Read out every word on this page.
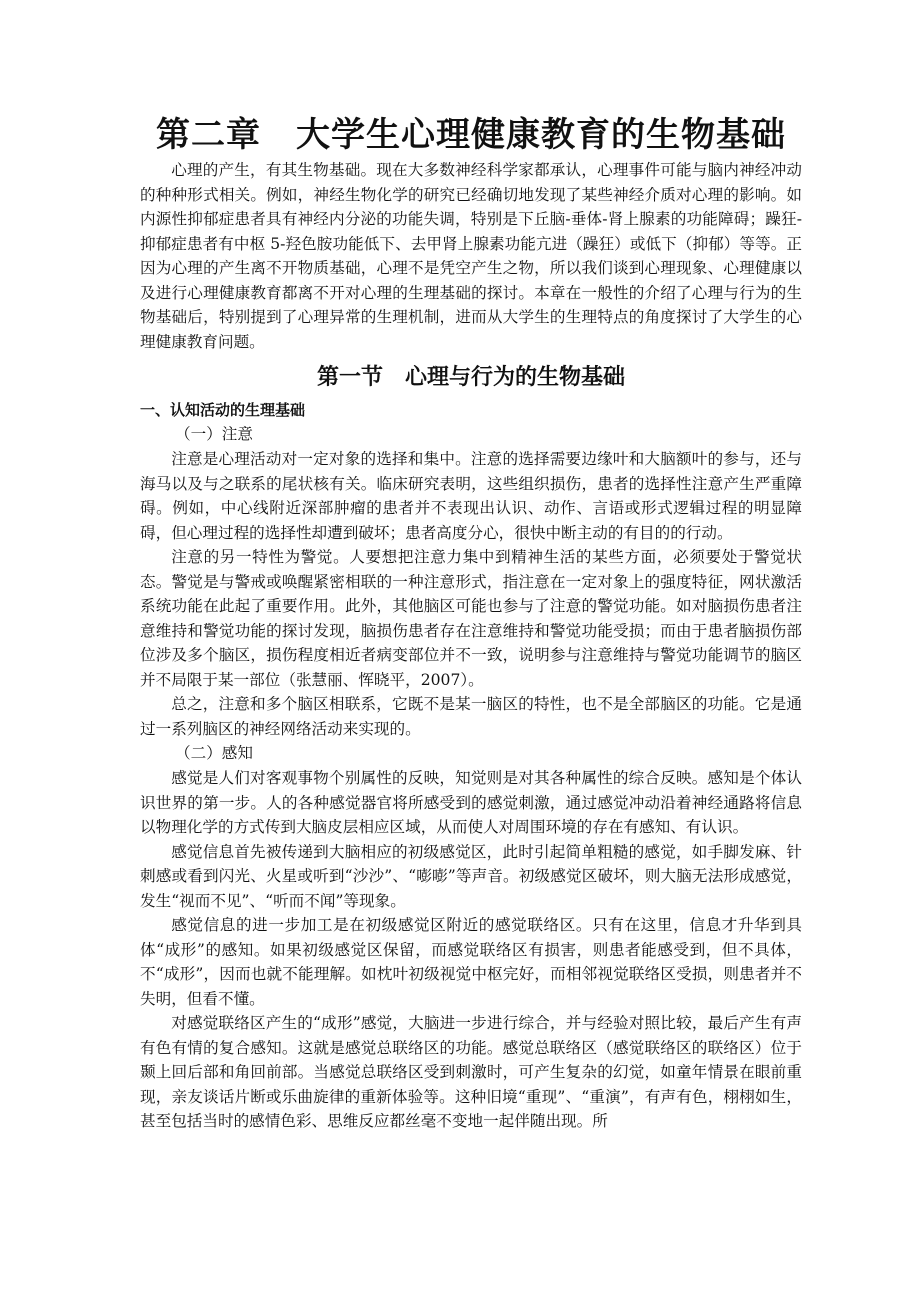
第二章　大学生心理健康教育的生物基础

心理的产生，有其生物基础。现在大多数神经科学家都承认，心理事件可能与脑内神经冲动的种种形式相关。例如，神经生物化学的研究已经确切地发现了某些神经介质对心理的影响。如内源性抑郁症患者具有神经内分泌的功能失调，特别是下丘脑-垂体-肾上腺素的功能障碍；躁狂-抑郁症患者有中枢 5-羟色胺功能低下、去甲肾上腺素功能亢进（躁狂）或低下（抑郁）等等。正因为心理的产生离不开物质基础，心理不是凭空产生之物，所以我们谈到心理现象、心理健康以及进行心理健康教育都离不开对心理的生理基础的探讨。本章在一般性的介绍了心理与行为的生物基础后，特别提到了心理异常的生理机制，进而从大学生的生理特点的角度探讨了大学生的心理健康教育问题。

第一节　心理与行为的生物基础

一、认知活动的生理基础

（一）注意

注意是心理活动对一定对象的选择和集中。注意的选择需要边缘叶和大脑额叶的参与，还与海马以及与之联系的尾状核有关。临床研究表明，这些组织损伤，患者的选择性注意产生严重障碍。例如，中心线附近深部肿瘤的患者并不表现出认识、动作、言语或形式逻辑过程的明显障碍，但心理过程的选择性却遭到破坏；患者高度分心，很快中断主动的有目的的行动。

注意的另一特性为警觉。人要想把注意力集中到精神生活的某些方面，必须要处于警觉状态。警觉是与警戒或唤醒紧密相联的一种注意形式，指注意在一定对象上的强度特征，网状激活系统功能在此起了重要作用。此外，其他脑区可能也参与了注意的警觉功能。如对脑损伤患者注意维持和警觉功能的探讨发现，脑损伤患者存在注意维持和警觉功能受损；而由于患者脑损伤部位涉及多个脑区，损伤程度相近者病变部位并不一致，说明参与注意维持与警觉功能调节的脑区并不局限于某一部位（张慧丽、恽晓平，2007）。

总之，注意和多个脑区相联系，它既不是某一脑区的特性，也不是全部脑区的功能。它是通过一系列脑区的神经网络活动来实现的。

（二）感知

感觉是人们对客观事物个别属性的反映，知觉则是对其各种属性的综合反映。感知是个体认识世界的第一步。人的各种感觉器官将所感受到的感觉刺激，通过感觉冲动沿着神经通路将信息以物理化学的方式传到大脑皮层相应区域，从而使人对周围环境的存在有感知、有认识。

感觉信息首先被传递到大脑相应的初级感觉区，此时引起简单粗糙的感觉，如手脚发麻、针刺感或看到闪光、火星或听到“沙沙”、“嘭嘭”等声音。初级感觉区破坏，则大脑无法形成感觉，发生“视而不见”、“听而不闻”等现象。

感觉信息的进一步加工是在初级感觉区附近的感觉联络区。只有在这里，信息才升华到具体“成形”的感知。如果初级感觉区保留，而感觉联络区有损害，则患者能感受到，但不具体，不“成形”，因而也就不能理解。如枕叶初级视觉中枢完好，而相邻视觉联络区受损，则患者并不失明，但看不懂。

对感觉联络区产生的“成形”感觉，大脑进一步进行综合，并与经验对照比较，最后产生有声有色有情的复合感知。这就是感觉总联络区的功能。感觉总联络区（感觉联络区的联络区）位于颞上回后部和角回前部。当感觉总联络区受到刺激时，可产生复杂的幻觉，如童年情景在眼前重现，亲友谈话片断或乐曲旋律的重新体验等。这种旧境“重现”、“重演”，有声有色，栩栩如生，甚至包括当时的感情色彩、思维反应都丝毫不变地一起伴随出现。所
